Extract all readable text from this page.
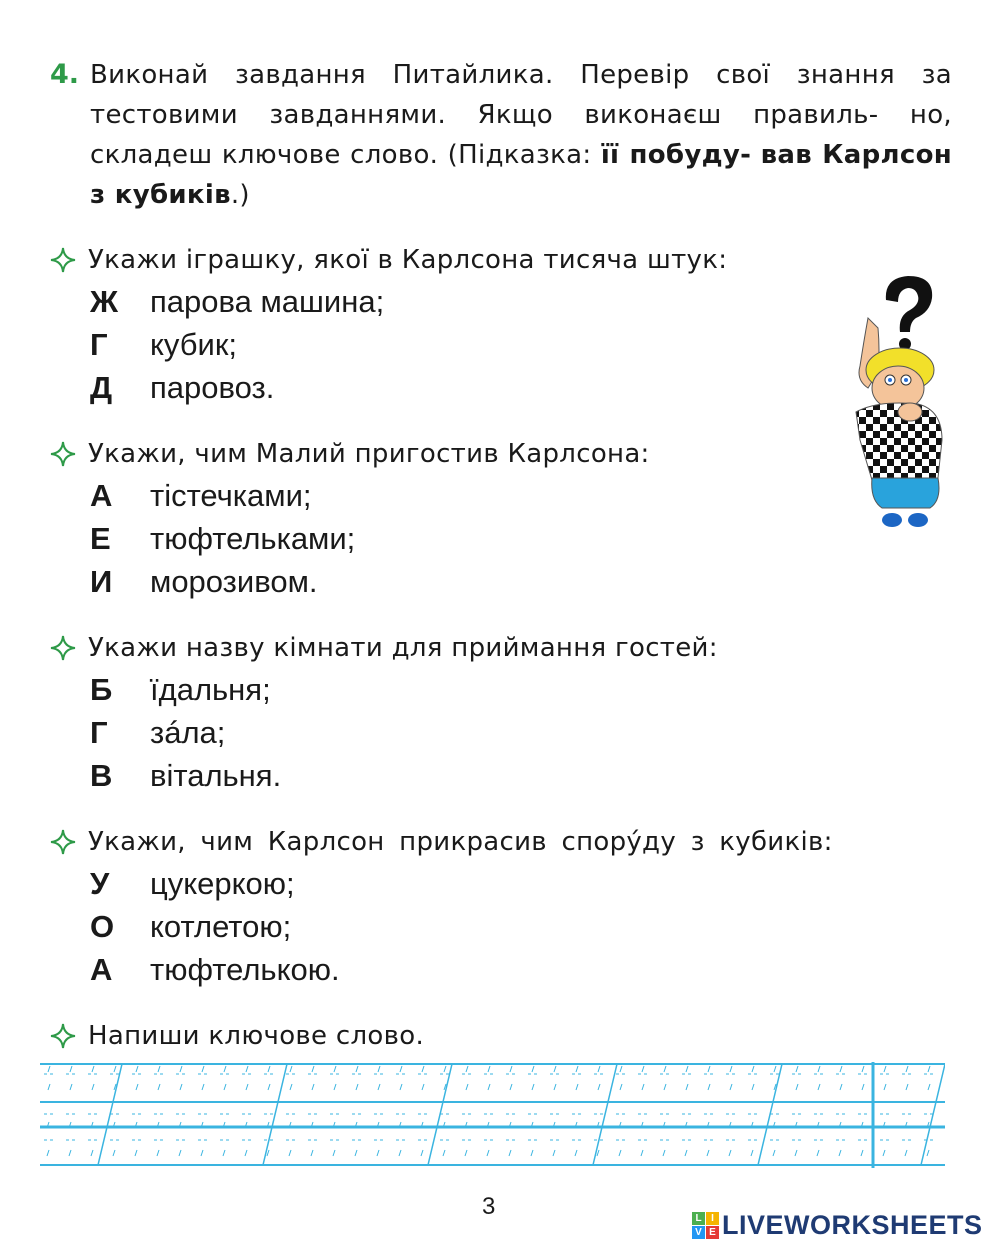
4. Виконай завдання Питайлика. Перевір свої знання за тестовими завданнями. Якщо виконаєш правиль- но, складеш ключове слово. (Підказка: її побуду- вав Карлсон з кубиків.)
Укажи іграшку, якої в Карлсона тисяча штук:
Ж	парова машина;
Г	кубик;
Д	паровоз.
Укажи, чим Малий пригостив Карлсона:
А	тістечками;
Е	тюфтельками;
И	морозивом.
Укажи назву кімнати для приймання гостей:
Б	їдальня;
Г	зáла;
В	вітальня.
Укажи, чим Карлсон прикрасив спорýду з кубиків:
У	цукеркою;
О	котлетою;
А	тюфтелькою.
Напиши ключове слово.
3	L I
V E LIVEWORKSHEETS
